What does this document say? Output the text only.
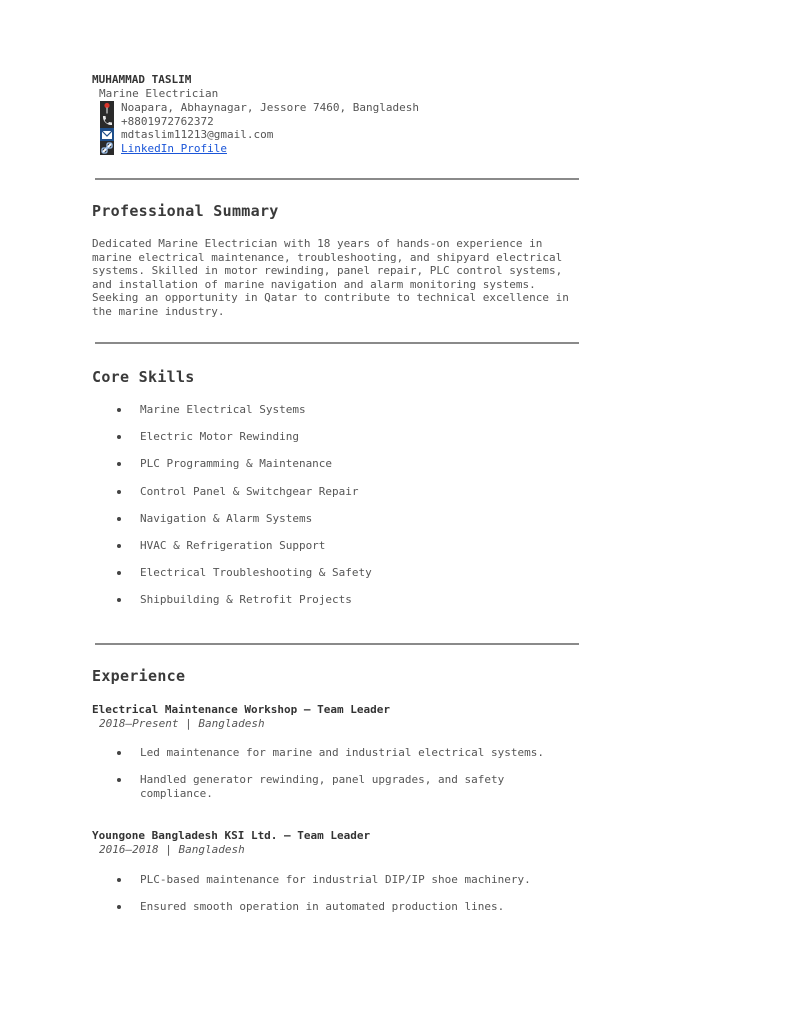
MUHAMMAD TASLIM
Marine Electrician
Noapara, Abhaynagar, Jessore 7460, Bangladesh
+8801972762372
mdtaslim11213@gmail.com
LinkedIn Profile
Professional Summary

Dedicated Marine Electrician with 18 years of hands-on experience in marine electrical maintenance, troubleshooting, and shipyard electrical systems. Skilled in motor rewinding, panel repair, PLC control systems, and installation of marine navigation and alarm monitoring systems. Seeking an opportunity in Qatar to contribute to technical excellence in the marine industry.

Core Skills
Marine Electrical Systems
Electric Motor Rewinding
PLC Programming & Maintenance
Control Panel & Switchgear Repair
Navigation & Alarm Systems
HVAC & Refrigeration Support
Electrical Troubleshooting & Safety
Shipbuilding & Retrofit Projects
Experience
Electrical Maintenance Workshop – Team Leader
2018–Present | Bangladesh
Led maintenance for marine and industrial electrical systems.
Handled generator rewinding, panel upgrades, and safety compliance.
Youngone Bangladesh KSI Ltd. – Team Leader
2016–2018 | Bangladesh
PLC-based maintenance for industrial DIP/IP shoe machinery.
Ensured smooth operation in automated production lines.
